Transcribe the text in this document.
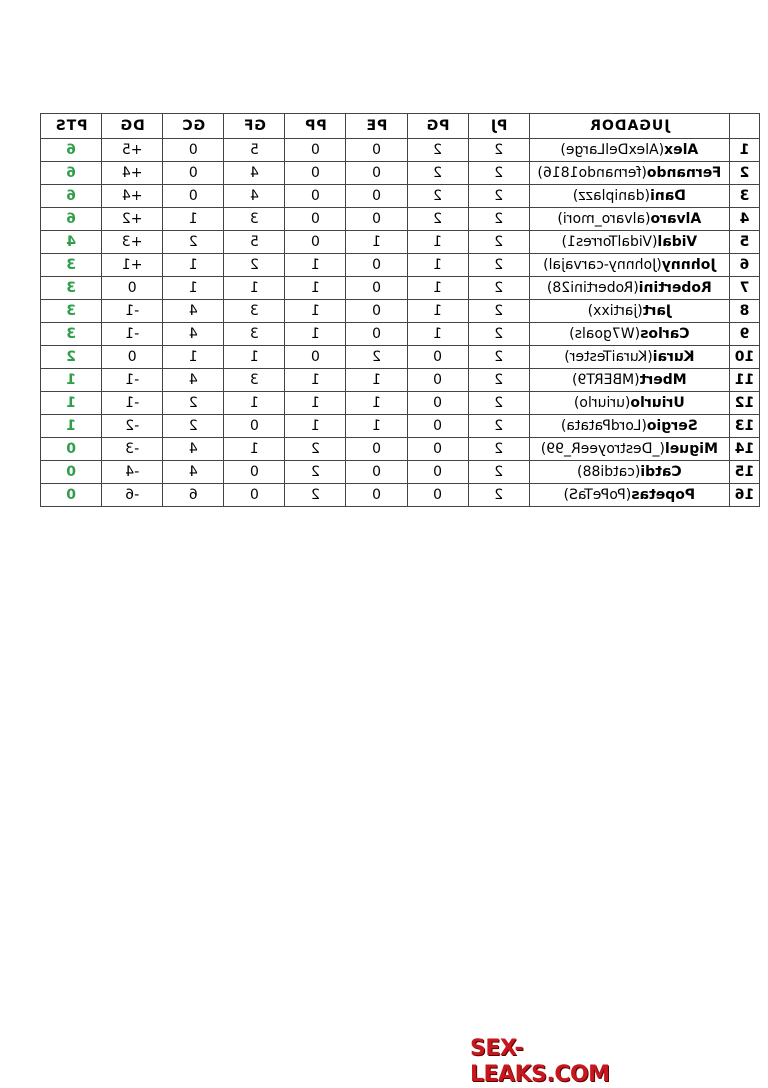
	JUGADOR	PJ	PG	PE	PP	GF	GC	DG	PTS
1	Alex(AlexDelLarge)	2	2	0	0	5	0	+5	6
2	Fernando(fernando1816)	2	2	0	0	4	0	+4	6
3	Dani(daniplazz)	2	2	0	0	4	0	+4	6
4	Alvaro(alvaro_mori)	2	2	0	0	3	1	+2	6
5	Vidal(VidalTorres1)	2	1	1	0	5	2	+3	4
6	Johnny(Johnny-carvajal)	2	1	0	1	2	1	+1	3
7	Robertini(Robertini28)	2	1	0	1	1	1	0	3
8	Jart(jartixx)	2	1	0	1	3	4	-1	3
9	Carlos(W7goals)	2	1	0	1	3	4	-1	3
10	Kurai(KuraiTester)	2	0	2	0	1	1	0	2
11	Mbert(MBERT9)	2	0	1	1	3	4	-1	1
12	Uriurlo(uriurlo)	2	0	1	1	1	2	-1	1
13	Sergio(LordPatata)	2	0	1	1	0	2	-2	1
14	Miguel(_DestroyeeR_99)	2	0	0	2	1	4	-3	0
15	Catdi(catdi88)	2	0	0	2	0	4	-4	0
16	Popetas(PoPeTaS)	2	0	0	2	0	6	-6	0
SEX-LEAKS.COM
